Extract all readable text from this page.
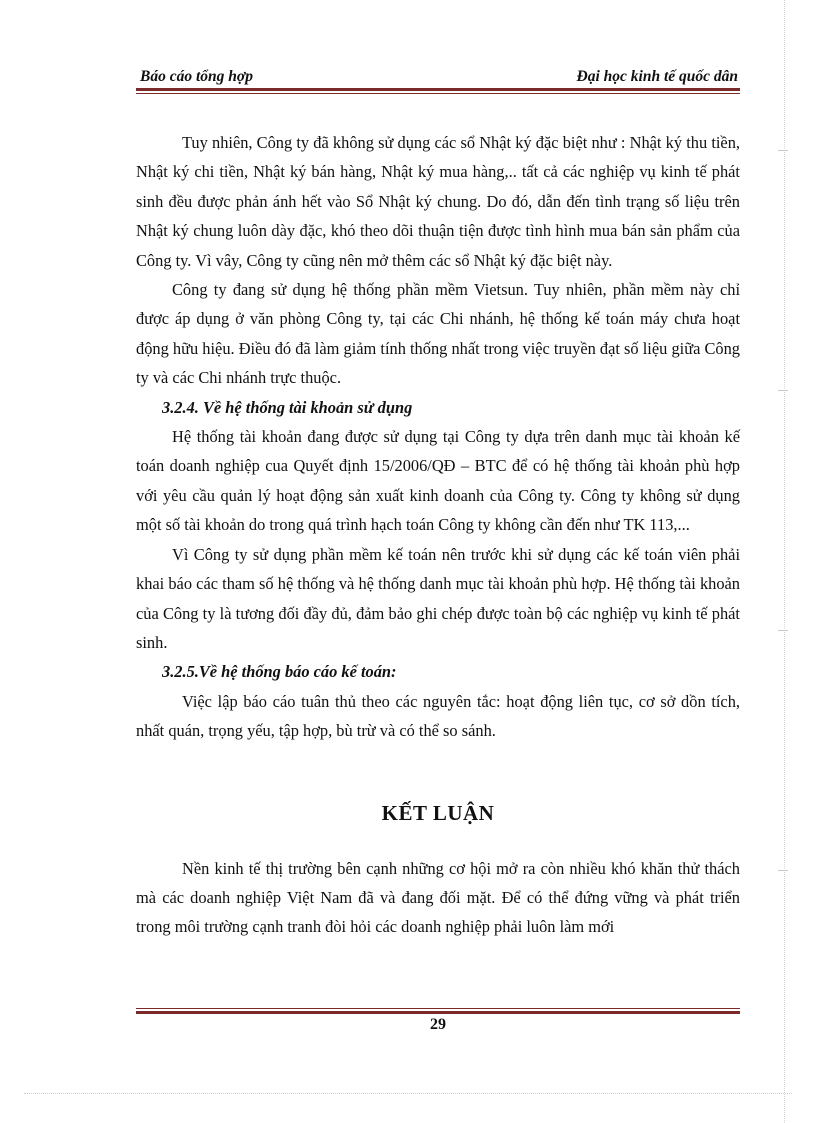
Báo cáo tổng hợp	Đại học kinh tế quốc dân

Tuy nhiên, Công ty đã không sử dụng các sổ Nhật ký đặc biệt như : Nhật ký thu tiền, Nhật ký chi tiền, Nhật ký bán hàng, Nhật ký mua hàng,.. tất cả các nghiệp vụ kinh tế phát sinh đều được phản ánh hết vào Sổ Nhật ký chung. Do đó, dẫn đến tình trạng số liệu trên Nhật ký chung luôn dày đặc, khó theo dõi thuận tiện được tình hình mua bán sản phẩm của Công ty. Vì vây, Công ty cũng nên mở thêm các sổ Nhật ký đặc biệt này.

Công ty đang sử dụng hệ thống phần mềm Vietsun. Tuy nhiên, phần mềm này chỉ được áp dụng ở văn phòng Công ty, tại các Chi nhánh, hệ thống kế toán máy chưa hoạt động hữu hiệu. Điều đó đã làm giảm tính thống nhất trong việc truyền đạt số liệu giữa Công ty và các Chi nhánh trực thuộc.

3.2.4. Về hệ thống tài khoản sử dụng

Hệ thống tài khoản đang được sử dụng tại Công ty dựa trên danh mục tài khoản kế toán doanh nghiệp cua Quyết định 15/2006/QĐ – BTC để có hệ thống tài khoản phù hợp với yêu cầu quản lý hoạt động sản xuất kinh doanh của Công ty. Công ty không sử dụng một số tài khoản do trong quá trình hạch toán Công ty không cần đến như TK 113,...

Vì Công ty sử dụng phần mềm kế toán nên trước khi sử dụng các kế toán viên phải khai báo các tham số hệ thống và hệ thống danh mục tài khoản phù hợp. Hệ thống tài khoản của Công ty là tương đối đầy đủ, đảm bảo ghi chép được toàn bộ các nghiệp vụ kinh tế phát sinh.

3.2.5.Về hệ thống báo cáo kế toán:

Việc lập báo cáo tuân thủ theo các nguyên tắc: hoạt động liên tục, cơ sở dồn tích, nhất quán, trọng yếu, tập hợp, bù trừ và có thể so sánh.

KẾT LUẬN

Nền kinh tế thị trường bên cạnh những cơ hội mở ra còn nhiều khó khăn thử thách mà các doanh nghiệp Việt Nam đã và đang đối mặt. Để có thể đứng vững và phát triển trong môi trường cạnh tranh đòi hỏi các doanh nghiệp phải luôn làm mới

29
